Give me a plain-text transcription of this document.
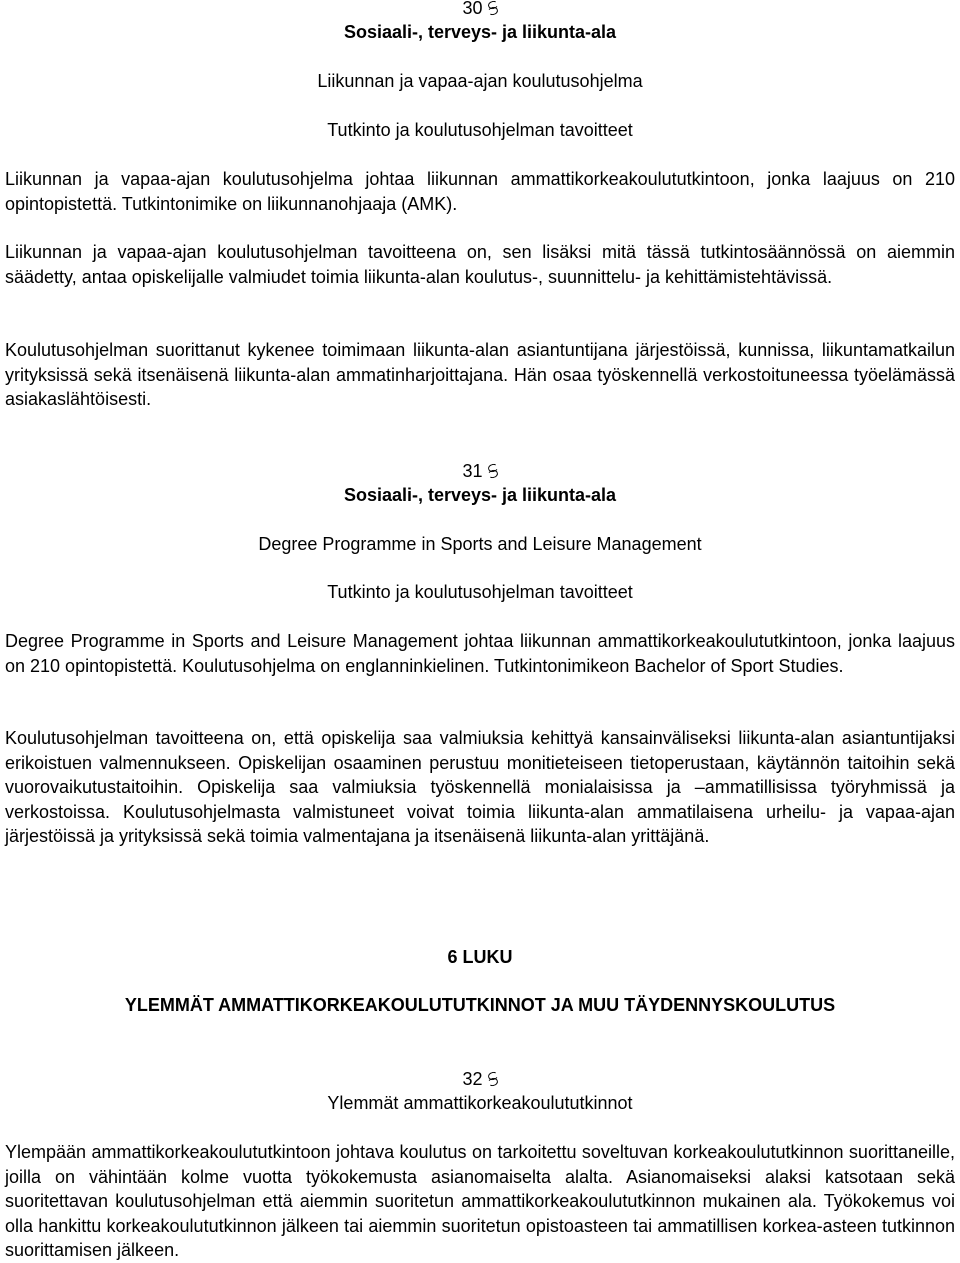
30
Sosiaali-, terveys- ja liikunta-ala
Liikunnan ja vapaa-ajan koulutusohjelma
Tutkinto ja koulutusohjelman tavoitteet

Liikunnan ja vapaa-ajan koulutusohjelma johtaa liikunnan ammattikorkeakoulututkintoon, jonka laajuus on 210 opintopistettä. Tutkintonimike on liikunnanohjaaja (AMK).

Liikunnan ja vapaa-ajan koulutusohjelman tavoitteena on, sen lisäksi mitä tässä tutkintosäännössä on aiemmin säädetty, antaa opiskelijalle valmiudet toimia liikunta-alan koulutus-, suunnittelu- ja kehittämistehtävissä.

Koulutusohjelman suorittanut kykenee toimimaan liikunta-alan asiantuntijana järjestöissä, kunnissa, liikuntamatkailun yrityksissä sekä itsenäisenä liikunta-alan ammatinharjoittajana. Hän osaa työskennellä verkostoituneessa työelämässä asiakaslähtöisesti.

31
Sosiaali-, terveys- ja liikunta-ala
Degree Programme in Sports and Leisure Management
Tutkinto ja koulutusohjelman tavoitteet

Degree Programme in Sports and Leisure Management johtaa liikunnan ammattikorkeakoulututkintoon, jonka laajuus on 210 opintopistettä. Koulutusohjelma on englanninkielinen. Tutkintonimikeon Bachelor of Sport Studies.

Koulutusohjelman tavoitteena on, että opiskelija saa valmiuksia kehittyä kansainväliseksi liikunta-alan asiantuntijaksi erikoistuen valmennukseen. Opiskelijan osaaminen perustuu monitieteiseen tietoperustaan, käytännön taitoihin sekä vuorovaikutustaitoihin. Opiskelija saa valmiuksia työskennellä monialaisissa ja –ammatillisissa työryhmissä ja verkostoissa. Koulutusohjelmasta valmistuneet voivat toimia liikunta-alan ammatilaisena urheilu- ja vapaa-ajan järjestöissä ja yrityksissä sekä toimia valmentajana ja itsenäisenä liikunta-alan yrittäjänä.

6 LUKU
YLEMMÄT AMMATTIKORKEAKOULUTUTKINNOT JA MUU TÄYDENNYSKOULUTUS
32
Ylemmät ammattikorkeakoulututkinnot

Ylempään ammattikorkeakoulututkintoon johtava koulutus on tarkoitettu soveltuvan korkeakoulututkinnon suorittaneille, joilla on vähintään kolme vuotta työkokemusta asianomaiselta alalta. Asianomaiseksi alaksi katsotaan sekä suoritettavan koulutusohjelman että aiemmin suoritetun ammattikorkeakoulututkinnon mukainen ala. Työkokemus voi olla hankittu korkeakoulututkinnon jälkeen tai aiemmin suoritetun opistoasteen tai ammatillisen korkea-asteen tutkinnon suorittamisen jälkeen.
